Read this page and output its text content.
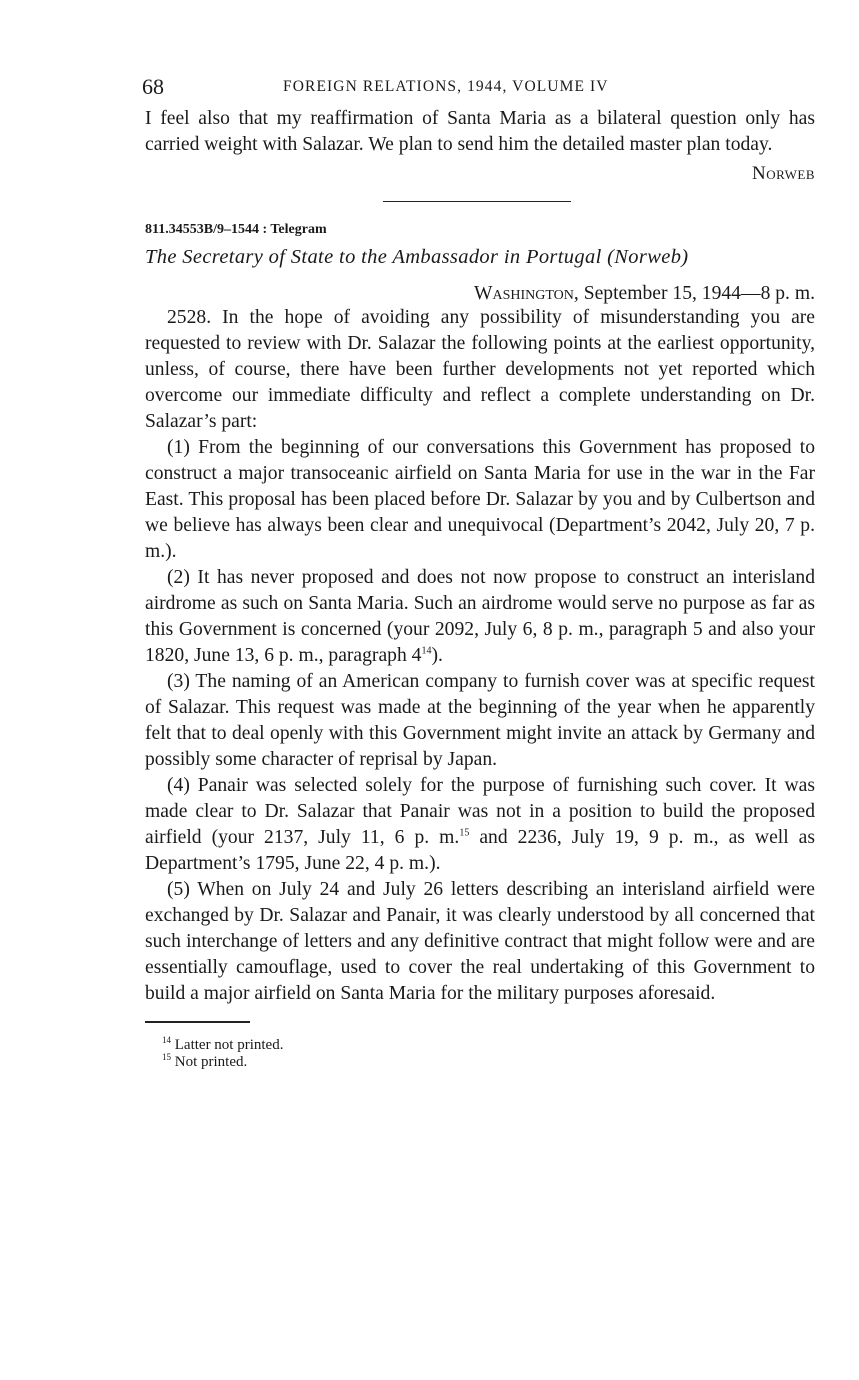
68	FOREIGN RELATIONS, 1944, VOLUME IV

I feel also that my reaffirmation of Santa Maria as a bilateral question only has carried weight with Salazar. We plan to send him the detailed master plan today.

Norweb
811.34553B/9–1544 : Telegram
The Secretary of State to the Ambassador in Portugal (Norweb)
Washington, September 15, 1944—8 p. m.

2528. In the hope of avoiding any possibility of misunderstanding you are requested to review with Dr. Salazar the following points at the earliest opportunity, unless, of course, there have been further developments not yet reported which overcome our immediate difficulty and reflect a complete understanding on Dr. Salazar’s part:

(1) From the beginning of our conversations this Government has proposed to construct a major transoceanic airfield on Santa Maria for use in the war in the Far East. This proposal has been placed before Dr. Salazar by you and by Culbertson and we believe has always been clear and unequivocal (Department’s 2042, July 20, 7 p. m.).

(2) It has never proposed and does not now propose to construct an interisland airdrome as such on Santa Maria. Such an airdrome would serve no purpose as far as this Government is concerned (your 2092, July 6, 8 p. m., paragraph 5 and also your 1820, June 13, 6 p. m., paragraph $4^{14}$).

(3) The naming of an American company to furnish cover was at specific request of Salazar. This request was made at the beginning of the year when he apparently felt that to deal openly with this Government might invite an attack by Germany and possibly some character of reprisal by Japan.

(4) Panair was selected solely for the purpose of furnishing such cover. It was made clear to Dr. Salazar that Panair was not in a position to build the proposed airfield (your 2137, July 11, 6 p. m.$^{15}$ and 2236, July 19, 9 p. m., as well as Department’s 1795, June 22, 4 p. m.).

(5) When on July 24 and July 26 letters describing an interisland airfield were exchanged by Dr. Salazar and Panair, it was clearly understood by all concerned that such interchange of letters and any definitive contract that might follow were and are essentially camouflage, used to cover the real undertaking of this Government to build a major airfield on Santa Maria for the military purposes aforesaid.

$^{14}$ Latter not printed.
$^{15}$ Not printed.
